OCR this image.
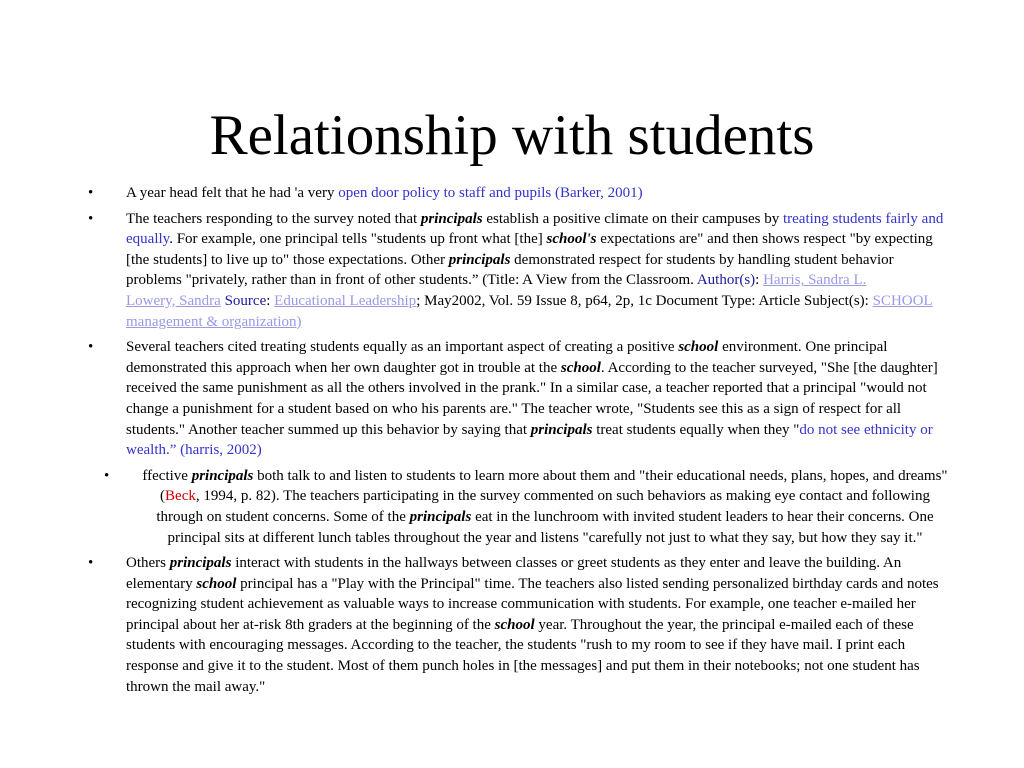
Relationship with students
• A year head felt that he had 'a very open door policy to staff and pupils (Barker, 2001)
• The teachers responding to the survey noted that principals establish a positive climate on their campuses by treating students fairly and equally. For example, one principal tells "students up front what [the] school's expectations are" and then shows respect "by expecting [the students] to live up to" those expectations. Other principals demonstrated respect for students by handling student behavior problems "privately, rather than in front of other students.” (Title: A View from the Classroom. Author(s): Harris, Sandra L.
Lowery, Sandra Source: Educational Leadership; May2002, Vol. 59 Issue 8, p64, 2p, 1c Document Type: Article Subject(s): SCHOOL management & organization)
• Several teachers cited treating students equally as an important aspect of creating a positive school environment. One principal demonstrated this approach when her own daughter got in trouble at the school. According to the teacher surveyed, "She [the daughter] received the same punishment as all the others involved in the prank." In a similar case, a teacher reported that a principal "would not change a punishment for a student based on who his parents are." The teacher wrote, "Students see this as a sign of respect for all students." Another teacher summed up this behavior by saying that principals treat students equally when they "do not see ethnicity or wealth.” (harris, 2002)
• ffective principals both talk to and listen to students to learn more about them and "their educational needs, plans, hopes, and dreams" (Beck, 1994, p. 82). The teachers participating in the survey commented on such behaviors as making eye contact and following through on student concerns. Some of the principals eat in the lunchroom with invited student leaders to hear their concerns. One principal sits at different lunch tables throughout the year and listens "carefully not just to what they say, but how they say it."
• Others principals interact with students in the hallways between classes or greet students as they enter and leave the building. An elementary school principal has a "Play with the Principal" time. The teachers also listed sending personalized birthday cards and notes recognizing student achievement as valuable ways to increase communication with students. For example, one teacher e-mailed her principal about her at-risk 8th graders at the beginning of the school year. Throughout the year, the principal e-mailed each of these students with encouraging messages. According to the teacher, the students "rush to my room to see if they have mail. I print each response and give it to the student. Most of them punch holes in [the messages] and put them in their notebooks; not one student has thrown the mail away."
